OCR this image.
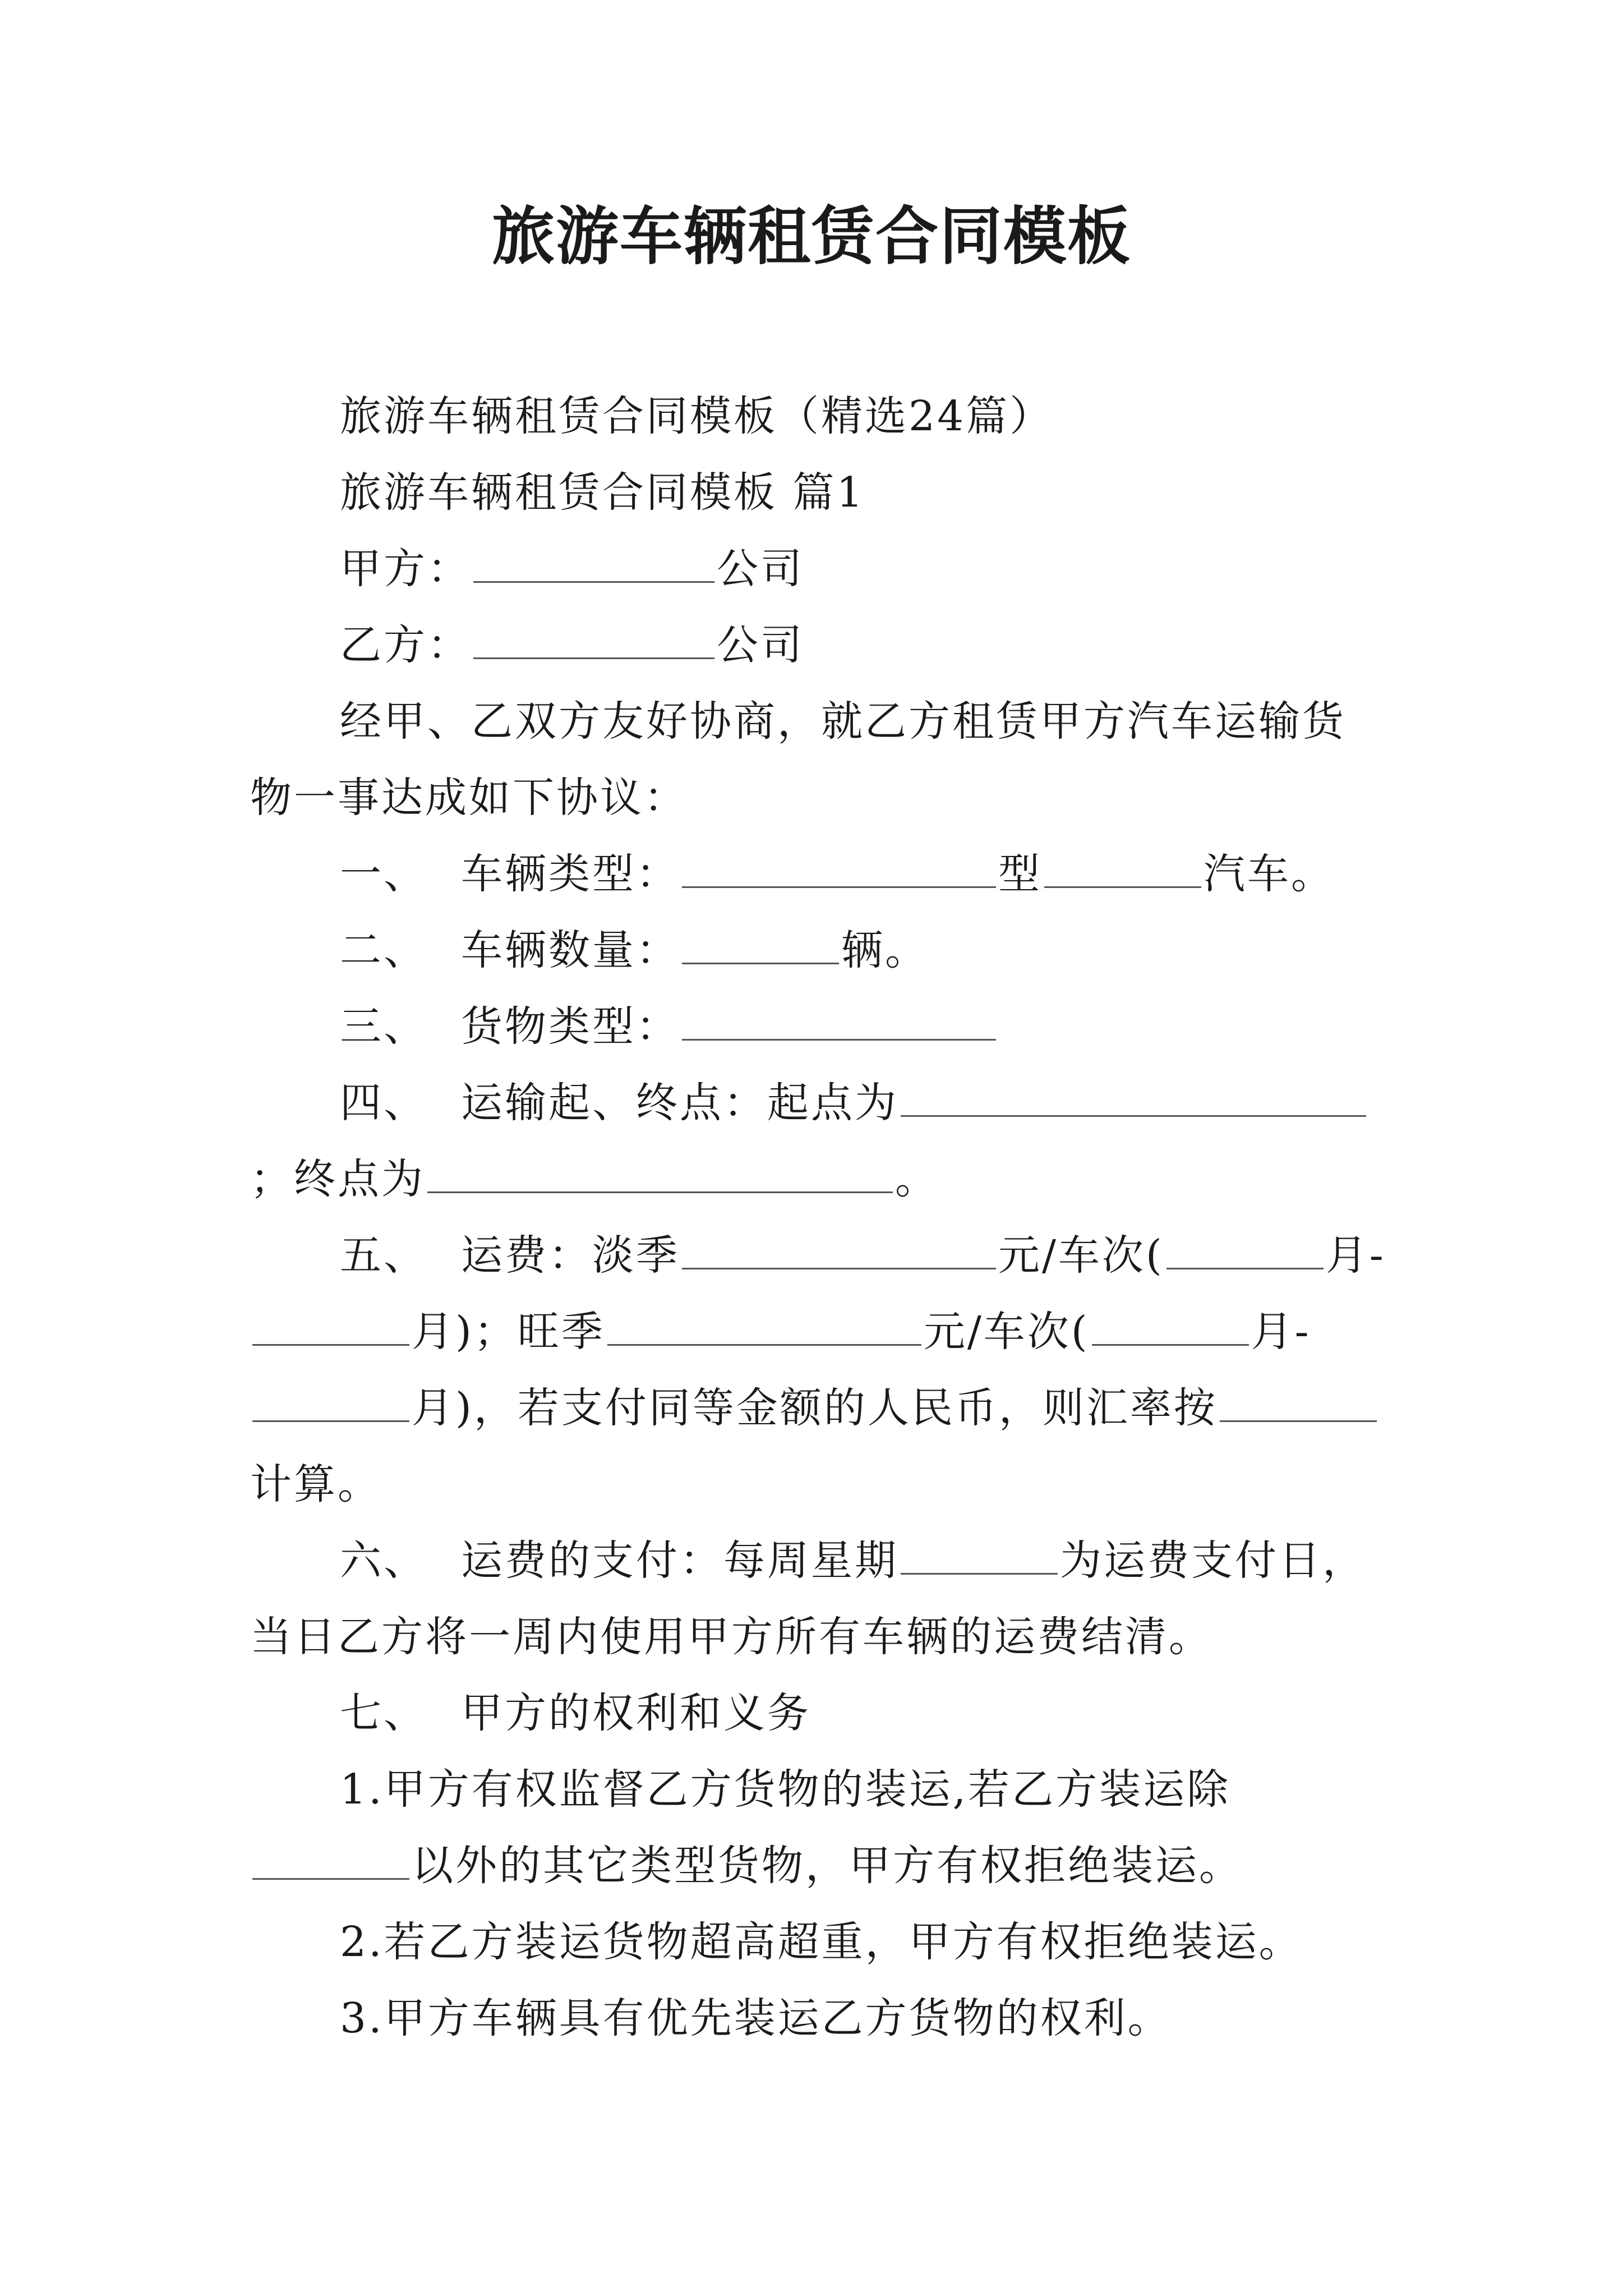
旅游车辆租赁合同模板

旅游车辆租赁合同模板（精选24篇）

旅游车辆租赁合同模板 篇1

甲方：	公司

乙方：	公司

经甲、乙双方友好协商，就乙方租赁甲方汽车运输货物一事达成如下协议：

一、 车辆类型：	型	汽车。

二、 车辆数量：	辆。

三、 货物类型：

四、 运输起、终点：起点为；终点为	。

五、 运费：淡季	元/车次(	月-月)；旺季	元/车次(	月-月)，若支付同等金额的人民币，则汇率按计算。

六、 运费的支付：每周星期	为运费支付日，当日乙方将一周内使用甲方所有车辆的运费结清。

七、 甲方的权利和义务

1.甲方有权监督乙方货物的装运,若乙方装运除以外的其它类型货物，甲方有权拒绝装运。

2.若乙方装运货物超高超重，甲方有权拒绝装运。

3.甲方车辆具有优先装运乙方货物的权利。
